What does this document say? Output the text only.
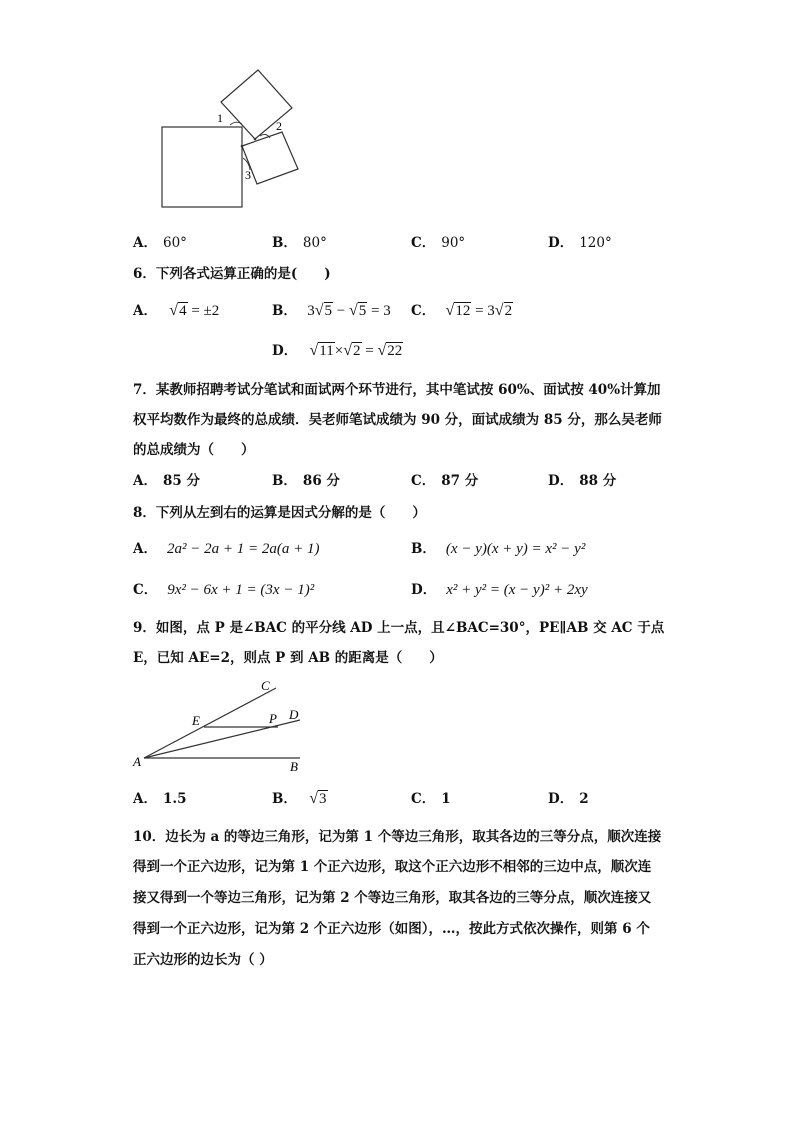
1
2
3
A． 60°	B． 80°	C． 90°	D． 120°
6．下列各式运算正确的是(　　)
A． √4 = ±2	B． 3√5 − √5 = 3 C． √12 = 3√2
D． √11×√2 = √22
7．某教师招聘考试分笔试和面试两个环节进行，其中笔试按 60%、面试按 40%计算加
权平均数作为最终的总成绩．吴老师笔试成绩为 90 分，面试成绩为 85 分，那么吴老师
的总成绩为（　　）
A． 85 分	B． 86 分	C． 87 分	D． 88 分
8．下列从左到右的运算是因式分解的是（　　）
A． 2a² − 2a + 1 = 2a(a + 1)	B． (x − y)(x + y) = x² − y²
C． 9x² − 6x + 1 = (3x − 1)²	D． x² + y² = (x − y)² + 2xy
9．如图，点 P 是∠BAC 的平分线 AD 上一点，且∠BAC=30°，PE∥AB 交 AC 于点
E，已知 AE=2，则点 P 到 AB 的距离是（　　）
A	B
C
D
E	P
A． 1.5	B． √3	C． 1	D． 2
10．边长为 a 的等边三角形，记为第 1 个等边三角形，取其各边的三等分点，顺次连接
得到一个正六边形，记为第 1 个正六边形，取这个正六边形不相邻的三边中点，顺次连
接又得到一个等边三角形，记为第 2 个等边三角形，取其各边的三等分点，顺次连接又
得到一个正六边形，记为第 2 个正六边形（如图），…，按此方式依次操作，则第 6 个
正六边形的边长为（ ）
